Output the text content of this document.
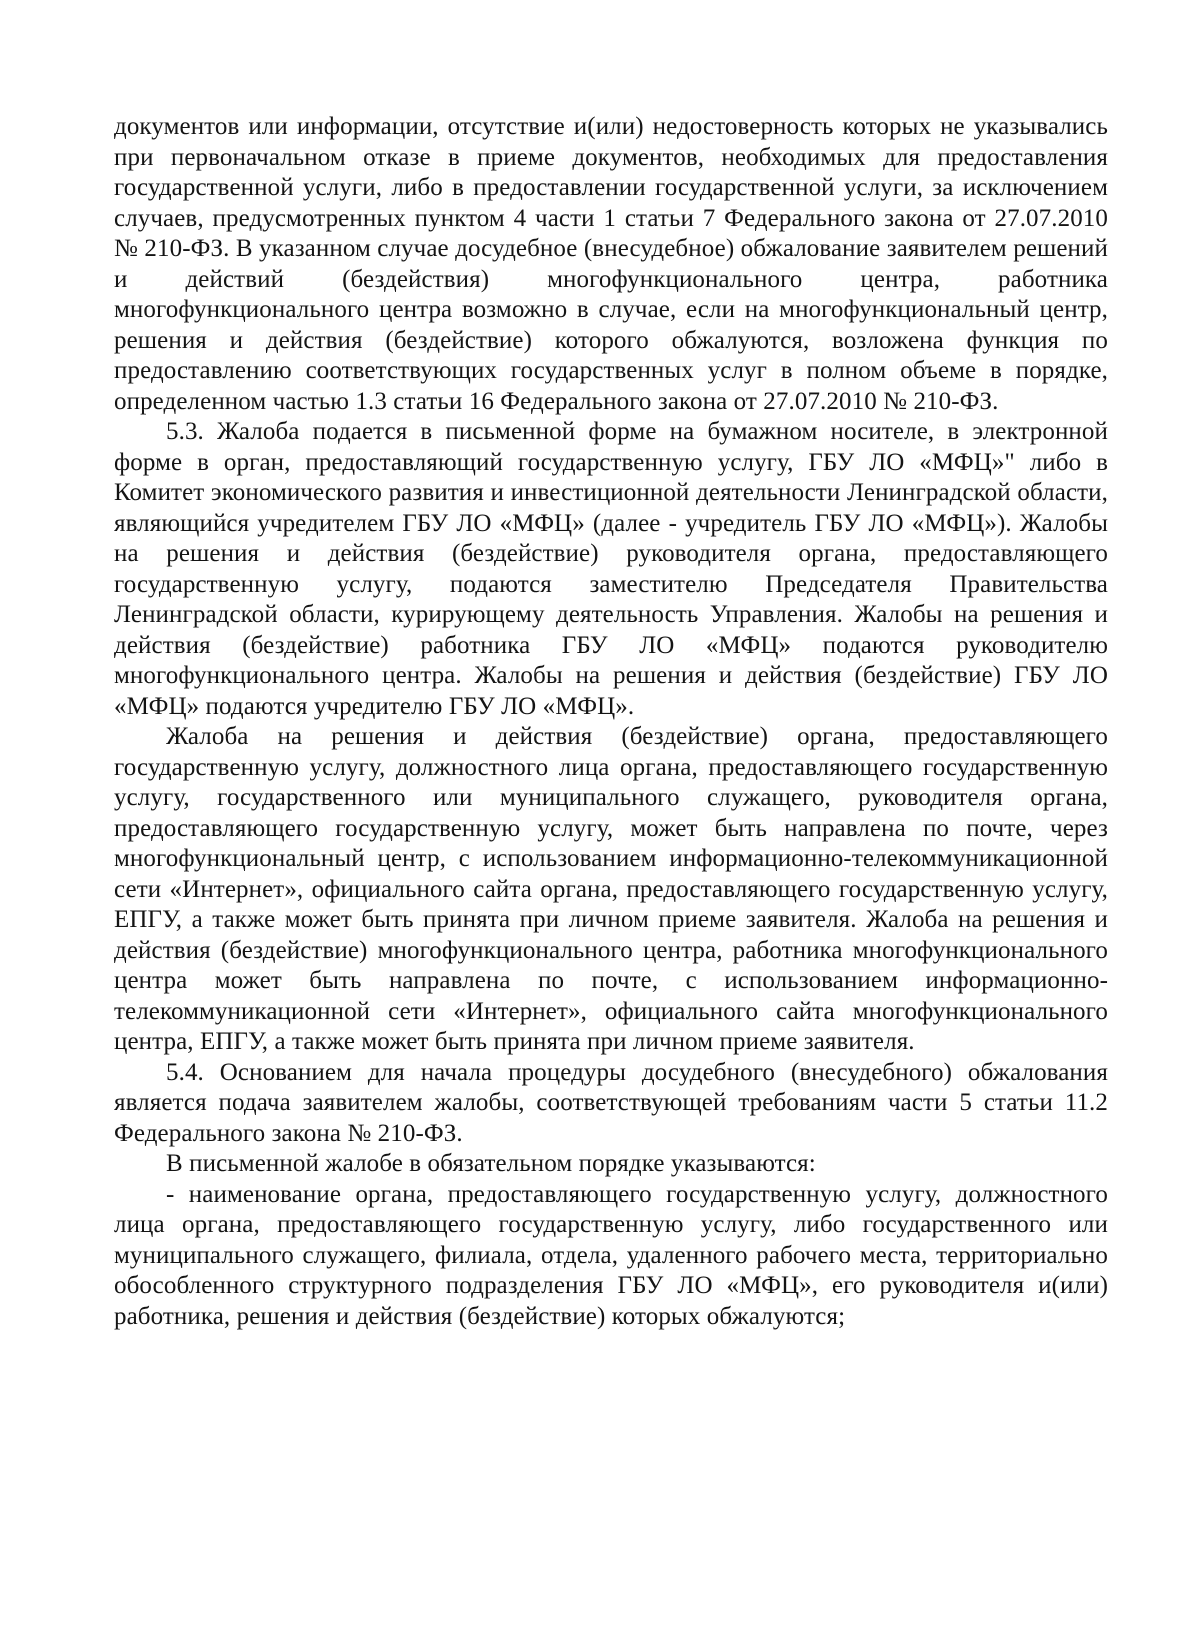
документов или информации, отсутствие и(или) недостоверность которых не указывались при первоначальном отказе в приеме документов, необходимых для предоставления государственной услуги, либо в предоставлении государственной услуги, за исключением случаев, предусмотренных пунктом 4 части 1 статьи 7 Федерального закона от 27.07.2010 № 210-ФЗ. В указанном случае досудебное (внесудебное) обжалование заявителем решений и действий (бездействия) многофункционального центра, работника многофункционального центра возможно в случае, если на многофункциональный центр, решения и действия (бездействие) которого обжалуются, возложена функция по предоставлению соответствующих государственных услуг в полном объеме в порядке, определенном частью 1.3 статьи 16 Федерального закона от 27.07.2010 № 210-ФЗ.

5.3. Жалоба подается в письменной форме на бумажном носителе, в электронной форме в орган, предоставляющий государственную услугу, ГБУ ЛО «МФЦ»" либо в Комитет экономического развития и инвестиционной деятельности Ленинградской области, являющийся учредителем ГБУ ЛО «МФЦ» (далее - учредитель ГБУ ЛО «МФЦ»). Жалобы на решения и действия (бездействие) руководителя органа, предоставляющего государственную услугу, подаются заместителю Председателя Правительства Ленинградской области, курирующему деятельность Управления. Жалобы на решения и действия (бездействие) работника ГБУ ЛО «МФЦ» подаются руководителю многофункционального центра. Жалобы на решения и действия (бездействие) ГБУ ЛО «МФЦ» подаются учредителю ГБУ ЛО «МФЦ».

Жалоба на решения и действия (бездействие) органа, предоставляющего государственную услугу, должностного лица органа, предоставляющего государственную услугу, государственного или муниципального служащего, руководителя органа, предоставляющего государственную услугу, может быть направлена по почте, через многофункциональный центр, с использованием информационно-телекоммуникационной сети «Интернет», официального сайта органа, предоставляющего государственную услугу, ЕПГУ, а также может быть принята при личном приеме заявителя. Жалоба на решения и действия (бездействие) многофункционального центра, работника многофункционального центра может быть направлена по почте, с использованием информационно-телекоммуникационной сети «Интернет», официального сайта многофункционального центра, ЕПГУ, а также может быть принята при личном приеме заявителя.

5.4. Основанием для начала процедуры досудебного (внесудебного) обжалования является подача заявителем жалобы, соответствующей требованиям части 5 статьи 11.2 Федерального закона № 210-ФЗ.

В письменной жалобе в обязательном порядке указываются:

- наименование органа, предоставляющего государственную услугу, должностного лица органа, предоставляющего государственную услугу, либо государственного или муниципального служащего, филиала, отдела, удаленного рабочего места, территориально обособленного структурного подразделения ГБУ ЛО «МФЦ», его руководителя и(или) работника, решения и действия (бездействие) которых обжалуются;
